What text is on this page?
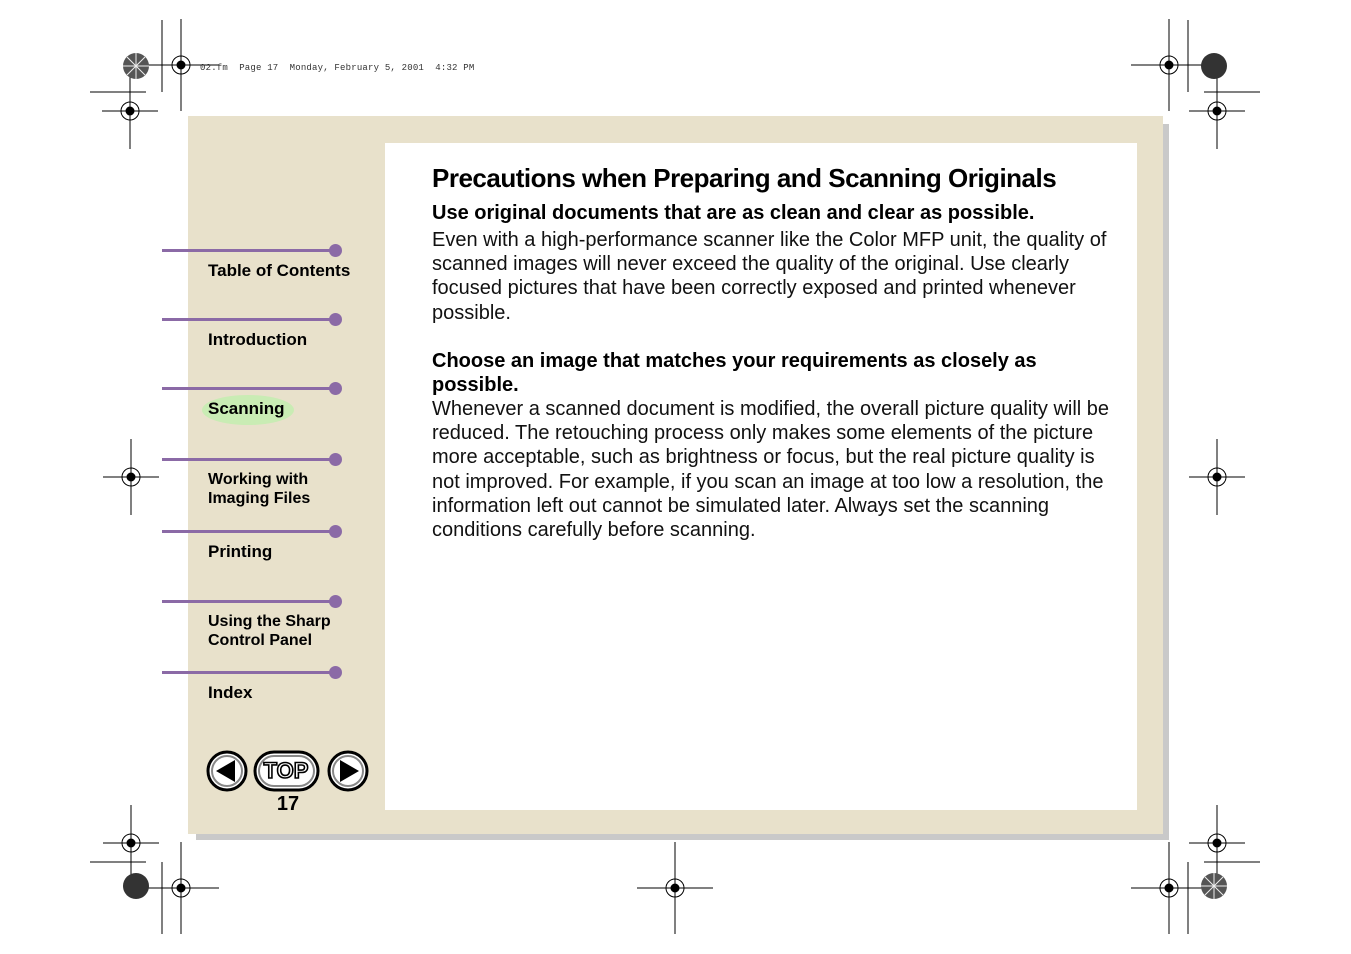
02.fm  Page 17  Monday, February 5, 2001  4:32 PM
Table of Contents
Introduction
Scanning
Working with
Imaging Files
Printing
Using the Sharp
Control Panel
Index
TOP
17
Precautions when Preparing and Scanning Originals
Use original documents that are as clean and clear as possible.
Even with a high-performance scanner like the Color MFP unit, the quality of scanned images will never exceed the quality of the original. Use clearly focused pictures that have been correctly exposed and printed whenever possible.
Choose an image that matches your requirements as closely as possible.
Whenever a scanned document is modified, the overall picture quality will be reduced. The retouching process only makes some elements of the picture more acceptable, such as brightness or focus, but the real picture quality is not improved. For example, if you scan an image at too low a resolution, the information left out cannot be simulated later. Always set the scanning conditions carefully before scanning.
